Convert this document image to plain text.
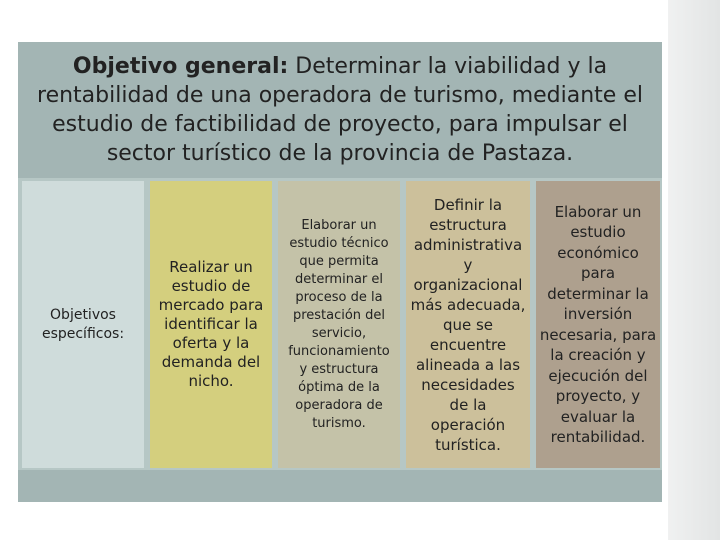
Objetivo general: Determinar la viabilidad y la rentabilidad de una operadora de turismo, mediante el estudio de factibilidad de proyecto, para impulsar el sector turístico de la provincia de Pastaza.
Objetivos
específicos:
Realizar un
estudio de
mercado para
identificar la
oferta y la
demanda del
nicho.
Elaborar un
estudio técnico
que permita
determinar el
proceso de la
prestación del
servicio,
funcionamiento
y estructura
óptima de la
operadora de
turismo.
Definir la
estructura
administrativa
y
organizacional
más adecuada,
que se
encuentre
alineada a las
necesidades
de la
operación
turística.
Elaborar un
estudio
económico
para
determinar la
inversión
necesaria, para
la creación y
ejecución del
proyecto, y
evaluar la
rentabilidad.
